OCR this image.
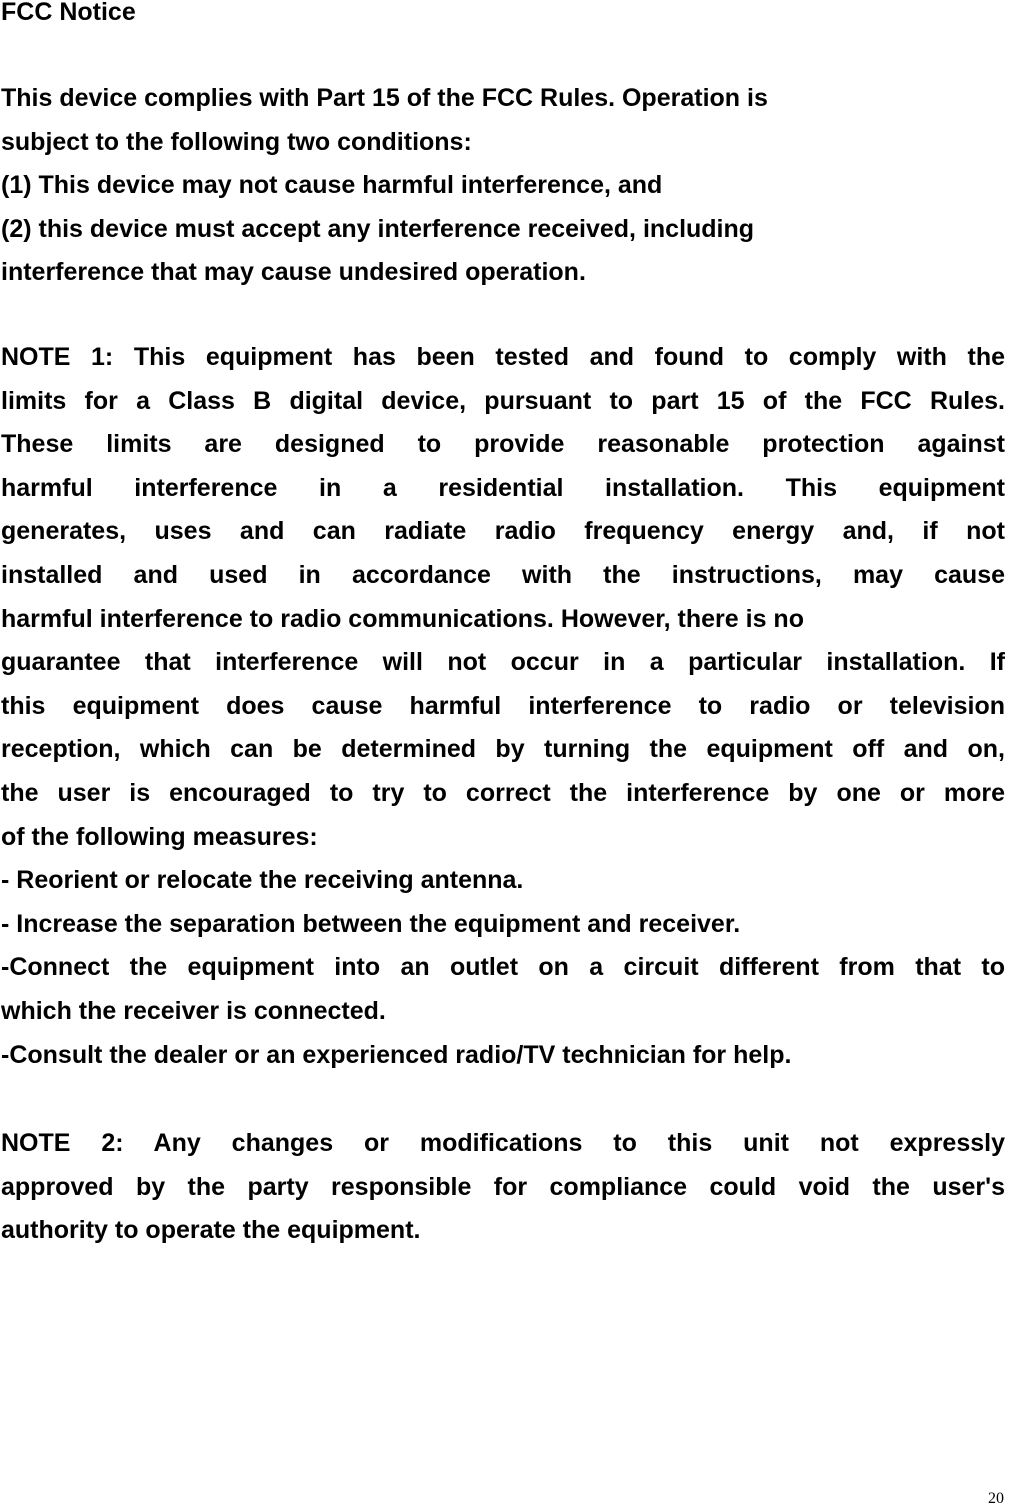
FCC Notice
This device complies with Part 15 of the FCC Rules. Operation is
subject to the following two conditions:
(1) This device may not cause harmful interference, and
(2) this device must accept any interference received, including
interference that may cause undesired operation.
NOTE 1: This equipment has been tested and found to comply with the
limits for a Class B digital device, pursuant to part 15 of the FCC Rules.
These limits are designed to provide reasonable protection against
harmful interference in a residential installation. This equipment
generates, uses and can radiate radio frequency energy and, if not
installed and used in accordance with the instructions, may cause
harmful interference to radio communications. However, there is no
guarantee that interference will not occur in a particular installation. If
this equipment does cause harmful interference to radio or television
reception, which can be determined by turning the equipment off and on,
the user is encouraged to try to correct the interference by one or more
of the following measures:
- Reorient or relocate the receiving antenna.
- Increase the separation between the equipment and receiver.
-Connect the equipment into an outlet on a circuit different from that to
which the receiver is connected.
-Consult the dealer or an experienced radio/TV technician for help.
NOTE 2: Any changes or modifications to this unit not expressly
approved by the party responsible for compliance could void the user's
authority to operate the equipment.
20
